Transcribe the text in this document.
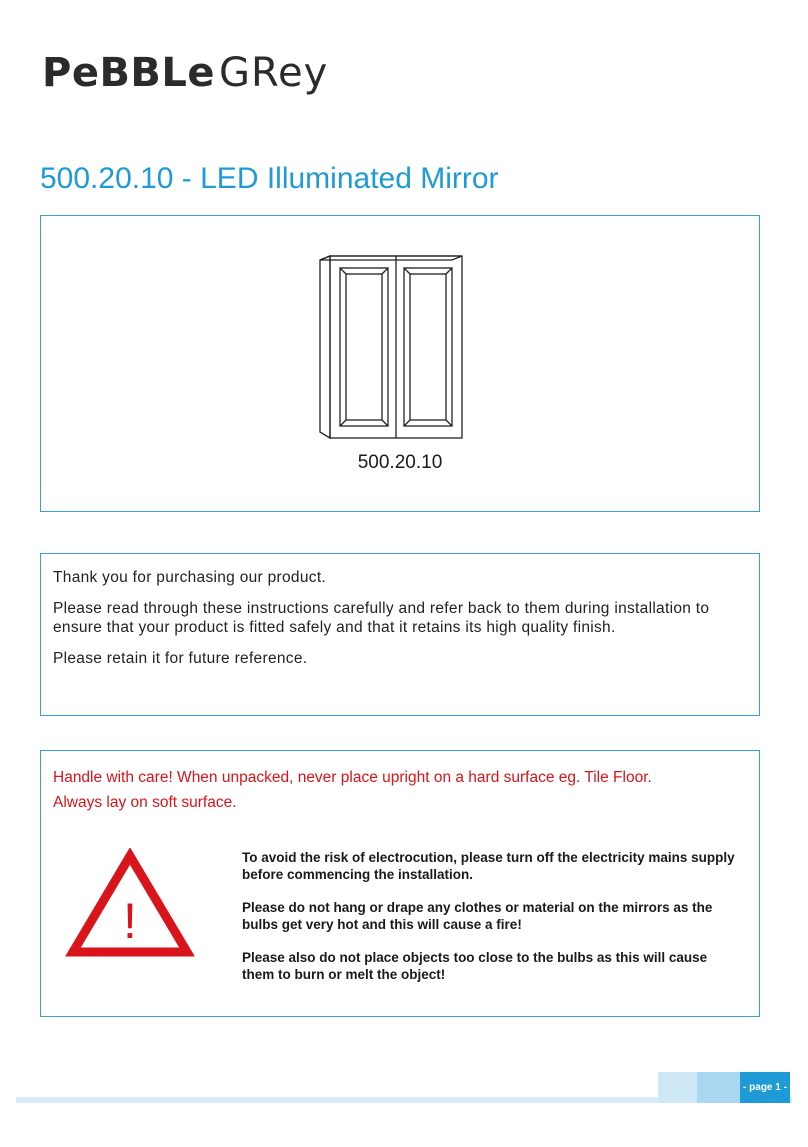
PeBBLe GRey
500.20.10 - LED Illuminated Mirror
500.20.10

Thank you for purchasing our product.

Please read through these instructions carefully and refer back to them during installation to ensure that your product is fitted safely and that it retains its high quality finish.

Please retain it for future reference.

Handle with care! When unpacked, never place upright on a hard surface eg. Tile Floor.
Always lay on soft surface.
!

To avoid the risk of electrocution, please turn off the electricity mains supply before commencing the installation.

Please do not hang or drape any clothes or material on the mirrors as the bulbs get very hot and this will cause a fire!

Please also do not place objects too close to the bulbs as this will cause them to burn or melt the object!

- page 1 -
